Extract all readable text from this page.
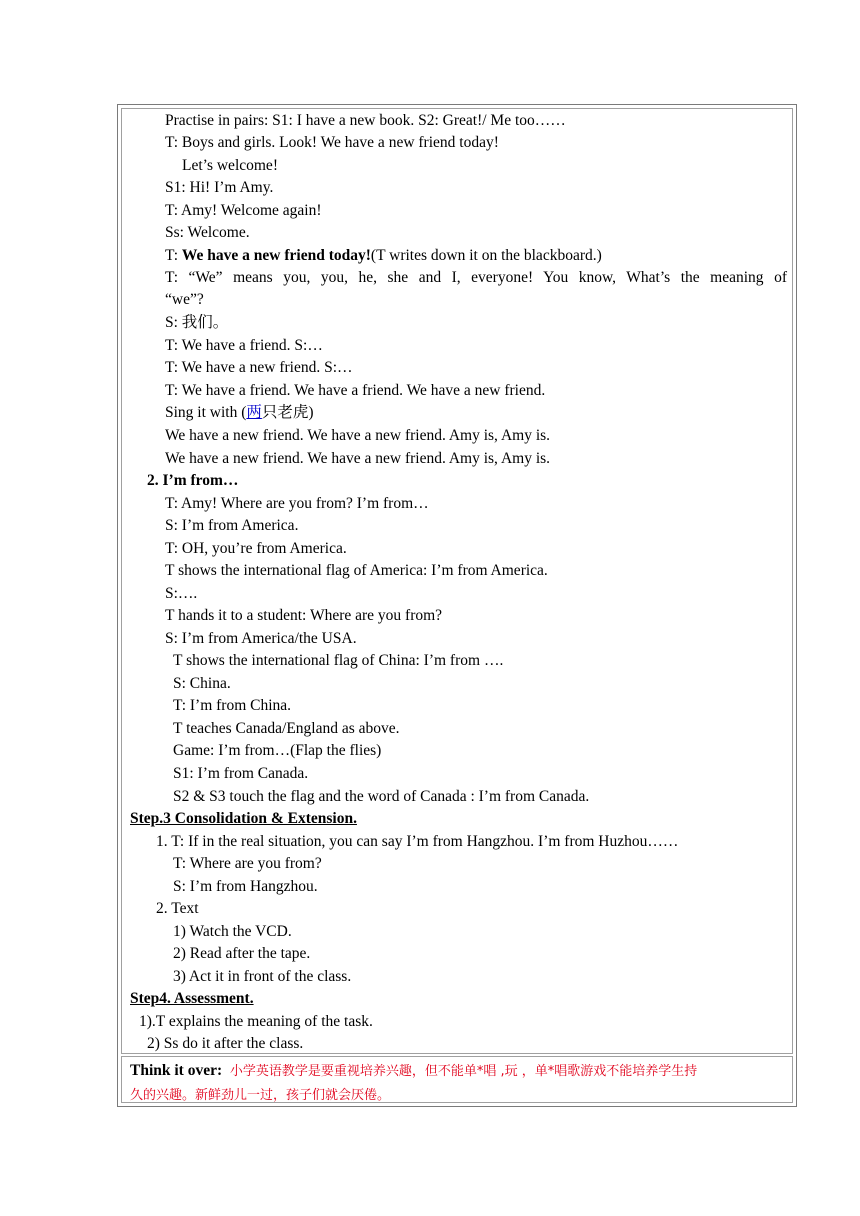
Practise in pairs: S1: I have a new book. S2: Great!/ Me too……
T: Boys and girls. Look! We have a new friend today!
Let’s welcome!
S1: Hi! I’m Amy.
T: Amy! Welcome again!
Ss: Welcome.
T: We have a new friend today!(T writes down it on the blackboard.)
T: “We” means you, you, he, she and I, everyone! You know, What’s the meaning of
“we”?
S: 我们。
T: We have a friend. S:…
T: We have a new friend. S:…
T: We have a friend. We have a friend. We have a new friend.
Sing it with (两只老虎)
We have a new friend. We have a new friend. Amy is, Amy is.
We have a new friend. We have a new friend. Amy is, Amy is.
2. I’m from…
T: Amy! Where are you from? I’m from…
S: I’m from America.
T: OH, you’re from America.
T shows the international flag of America: I’m from America.
S:….
T hands it to a student: Where are you from?
S: I’m from America/the USA.
T shows the international flag of China: I’m from ….
S: China.
T: I’m from China.
T teaches Canada/England as above.
Game: I’m from…(Flap the flies)
S1: I’m from Canada.
S2 & S3 touch the flag and the word of Canada : I’m from Canada.
Step.3 Consolidation & Extension.
1. T: If in the real situation, you can say I’m from Hangzhou. I’m from Huzhou……
T: Where are you from?
S: I’m from Hangzhou.
2. Text
1) Watch the VCD.
2) Read after the tape.
3) Act it in front of the class.
Step4. Assessment.
1).T explains the meaning of the task.
2) Ss do it after the class.
Think it over: 小学英语教学是要重视培养兴趣，但不能单*唱 ,玩 ，单*唱歌游戏不能培养学生持
久的兴趣。新鲜劲儿一过，孩子们就会厌倦。
